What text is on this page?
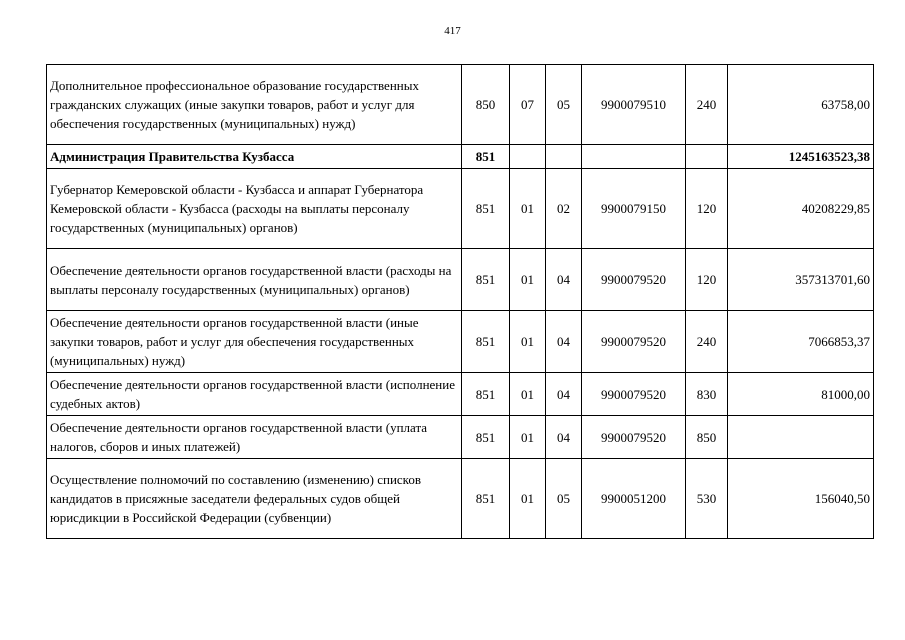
417
Дополнительное профессиональное образование государственных гражданских служащих (иные закупки товаров, работ и услуг для обеспечения государственных (муниципальных) нужд)	850	07	05	9900079510	240	63758,00
Администрация Правительства Кузбасса	851					1245163523,38
Губернатор Кемеровской области - Кузбасса и аппарат Губернатора Кемеровской области - Кузбасса (расходы на выплаты персоналу государственных (муниципальных) органов)	851	01	02	9900079150	120	40208229,85
Обеспечение деятельности органов государственной власти (расходы на выплаты персоналу государственных (муниципальных) органов)	851	01	04	9900079520	120	357313701,60
Обеспечение деятельности органов государственной власти (иные закупки товаров, работ и услуг для обеспечения государственных (муниципальных) нужд)	851	01	04	9900079520	240	7066853,37
Обеспечение деятельности органов государственной власти (исполнение судебных актов)	851	01	04	9900079520	830	81000,00
Обеспечение деятельности органов государственной власти (уплата налогов, сборов и иных платежей)	851	01	04	9900079520	850	
Осуществление полномочий по составлению (изменению) списков кандидатов в присяжные заседатели федеральных судов общей юрисдикции в Российской Федерации (субвенции)	851	01	05	9900051200	530	156040,50
